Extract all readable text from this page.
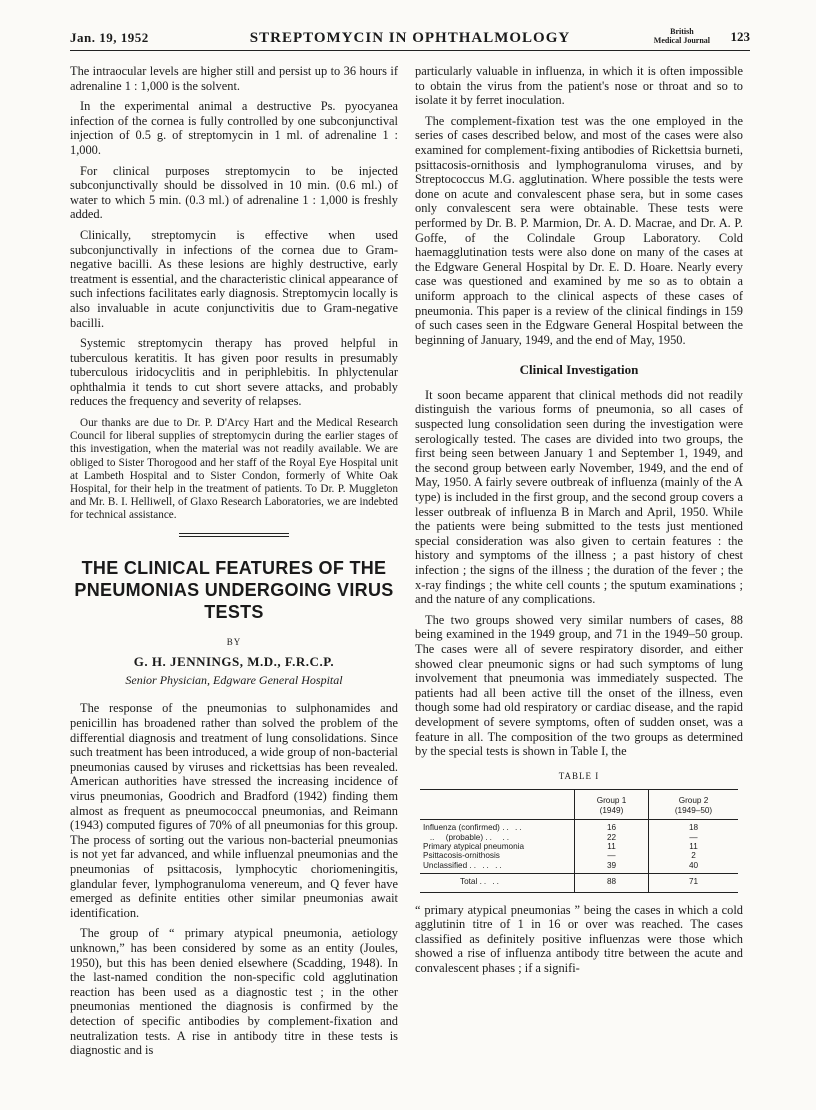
Jan. 19, 1952	STREPTOMYCIN IN OPHTHALMOLOGY	British
Medical Journal 123

The intraocular levels are higher still and persist up to 36 hours if adrenaline 1 : 1,000 is the solvent.

In the experimental animal a destructive Ps. pyocyanea infection of the cornea is fully controlled by one subconjunctival injection of 0.5 g. of streptomycin in 1 ml. of adrenaline 1 : 1,000.

For clinical purposes streptomycin to be injected subconjunctivally should be dissolved in 10 min. (0.6 ml.) of water to which 5 min. (0.3 ml.) of adrenaline 1 : 1,000 is freshly added.

Clinically, streptomycin is effective when used subconjunctivally in infections of the cornea due to Gram-negative bacilli. As these lesions are highly destructive, early treatment is essential, and the characteristic clinical appearance of such infections facilitates early diagnosis. Streptomycin locally is also invaluable in acute conjunctivitis due to Gram-negative bacilli.

Systemic streptomycin therapy has proved helpful in tuberculous keratitis. It has given poor results in presumably tuberculous iridocyclitis and in periphlebitis. In phlyctenular ophthalmia it tends to cut short severe attacks, and probably reduces the frequency and severity of relapses.

Our thanks are due to Dr. P. D'Arcy Hart and the Medical Research Council for liberal supplies of streptomycin during the earlier stages of this investigation, when the material was not readily available. We are obliged to Sister Thorogood and her staff of the Royal Eye Hospital unit at Lambeth Hospital and to Sister Condon, formerly of White Oak Hospital, for their help in the treatment of patients. To Dr. P. Muggleton and Mr. B. I. Helliwell, of Glaxo Research Laboratories, we are indebted for technical assistance.

THE CLINICAL FEATURES OF THE PNEUMONIAS UNDERGOING VIRUS TESTS
BY
G. H. JENNINGS, M.D., F.R.C.P.
Senior Physician, Edgware General Hospital

The response of the pneumonias to sulphonamides and penicillin has broadened rather than solved the problem of the differential diagnosis and treatment of lung consolidations. Since such treatment has been introduced, a wide group of non-bacterial pneumonias caused by viruses and rickettsias has been revealed. American authorities have stressed the increasing incidence of virus pneumonias, Goodrich and Bradford (1942) finding them almost as frequent as pneumococcal pneumonias, and Reimann (1943) computed figures of 70% of all pneumonias for this group. The process of sorting out the various non-bacterial pneumonias is not yet far advanced, and while influenzal pneumonias and the pneumonias of psittacosis, lymphocytic choriomeningitis, glandular fever, lymphogranuloma venereum, and Q fever have emerged as definite entities other similar pneumonias await identification.

The group of “ primary atypical pneumonia, aetiology unknown,” has been considered by some as an entity (Joules, 1950), but this has been denied elsewhere (Scadding, 1948). In the last-named condition the non-specific cold agglutination reaction has been used as a diagnostic test ; in the other pneumonias mentioned the diagnosis is confirmed by the detection of specific antibodies by complement-fixation and neutralization tests. A rise in antibody titre in these tests is diagnostic and is

particularly valuable in influenza, in which it is often impossible to obtain the virus from the patient's nose or throat and so to isolate it by ferret inoculation.

The complement-fixation test was the one employed in the series of cases described below, and most of the cases were also examined for complement-fixing antibodies of Rickettsia burneti, psittacosis-ornithosis and lymphogranuloma viruses, and by Streptococcus M.G. agglutination. Where possible the tests were done on acute and convalescent phase sera, but in some cases only convalescent sera were obtainable. These tests were performed by Dr. B. P. Marmion, Dr. A. D. Macrae, and Dr. A. P. Goffe, of the Colindale Group Laboratory. Cold haemagglutination tests were also done on many of the cases at the Edgware General Hospital by Dr. E. D. Hoare. Nearly every case was questioned and examined by me so as to obtain a uniform approach to the clinical aspects of these cases of pneumonia. This paper is a review of the clinical findings in 159 of such cases seen in the Edgware General Hospital between the beginning of January, 1949, and the end of May, 1950.

Clinical Investigation

It soon became apparent that clinical methods did not readily distinguish the various forms of pneumonia, so all cases of suspected lung consolidation seen during the investigation were serologically tested. The cases are divided into two groups, the first being seen between January 1 and September 1, 1949, and the second group between early November, 1949, and the end of May, 1950. A fairly severe outbreak of influenza (mainly of the A type) is included in the first group, and the second group covers a lesser outbreak of influenza B in March and April, 1950. While the patients were being submitted to the tests just mentioned special consideration was also given to certain features : the history and symptoms of the illness ; a past history of chest infection ; the signs of the illness ; the duration of the fever ; the x-ray findings ; the white cell counts ; the sputum examinations ; and the nature of any complications.

The two groups showed very similar numbers of cases, 88 being examined in the 1949 group, and 71 in the 1949–50 group. The cases were all of severe respiratory disorder, and either showed clear pneumonic signs or had such symptoms of lung involvement that pneumonia was immediately suspected. The patients had all been active till the onset of the illness, even though some had old respiratory or cardiac disease, and the rapid development of severe symptoms, often of sudden onset, was a feature in all. The composition of the two groups as determined by the special tests is shown in Table I, the

TABLE I
	Group 1
(1949)	Group 2
(1949–50)
Influenza (confirmed) .. ..	16	18
..     (probable) ..  ..	22	—
Primary atypical pneumonia	11	11
Psittacosis-ornithosis	—	2
Unclassified .. .. ..	39	40
Total .. ..	88	71

“ primary atypical pneumonias ” being the cases in which a cold agglutinin titre of 1 in 16 or over was reached. The cases classified as definitely positive influenzas were those which showed a rise of influenza antibody titre between the acute and convalescent phases ; if a signifi-
